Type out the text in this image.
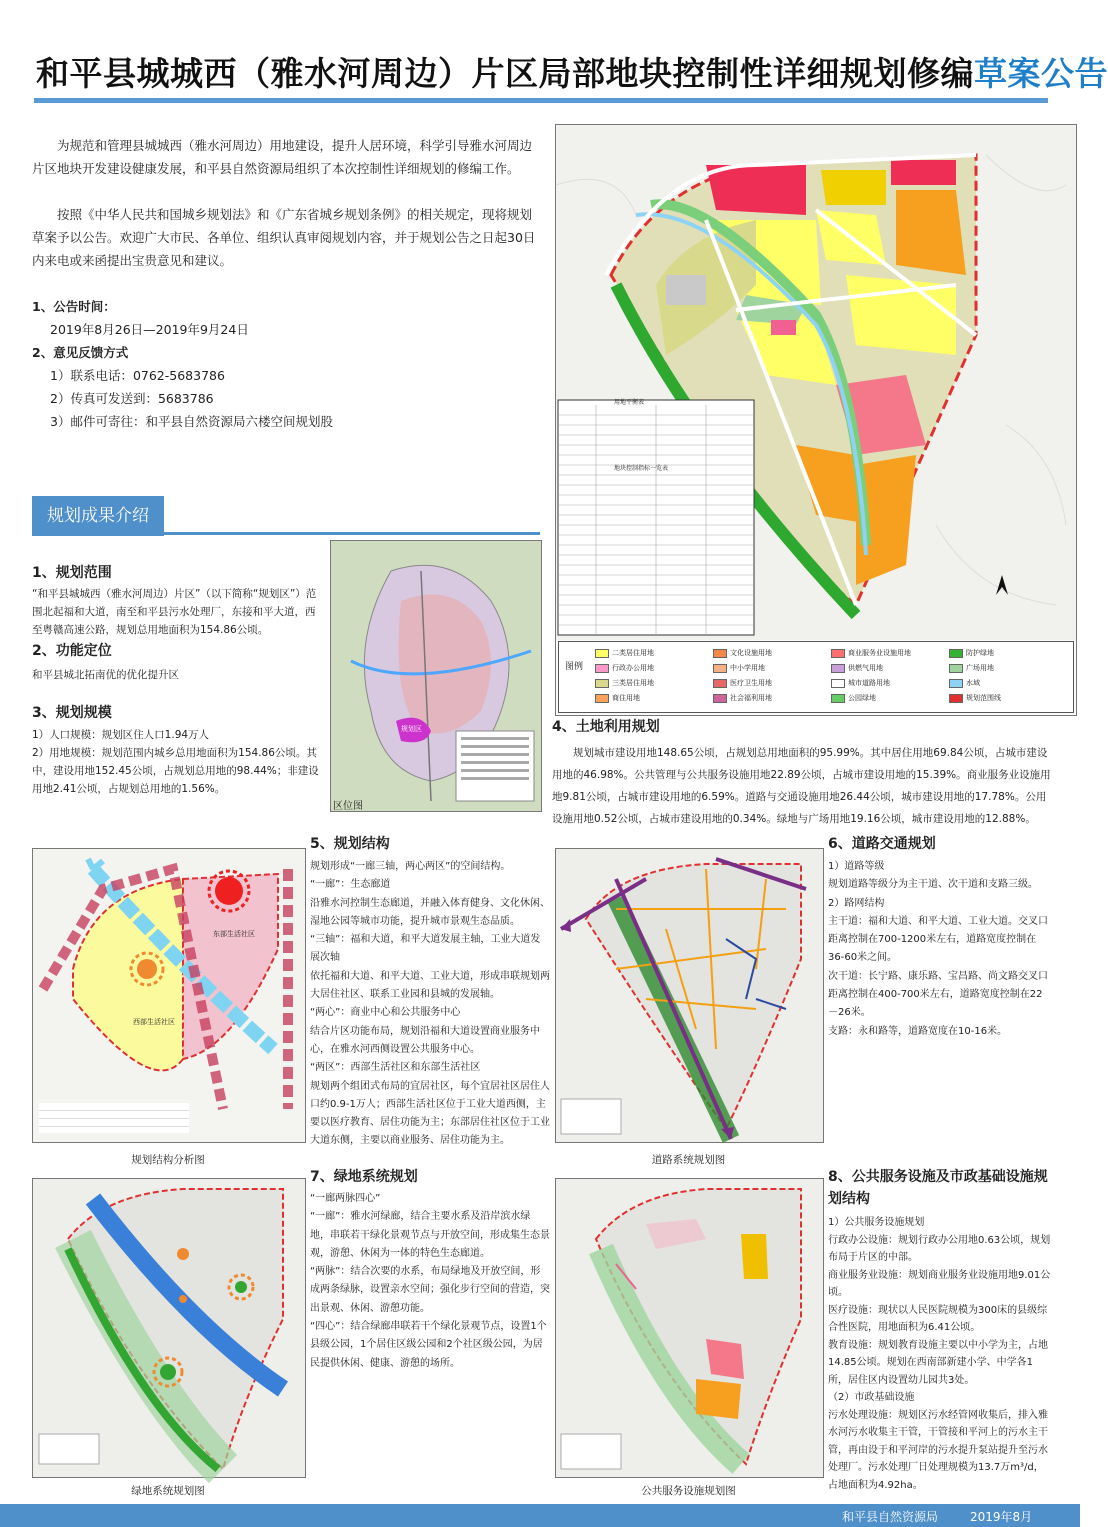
和平县城城西（雅水河周边）片区局部地块控制性详细规划修编草案公告
为规范和管理县城城西（雅水河周边）用地建设，提升人居环境，科学引导雅水河周边片区地块开发建设健康发展，和平县自然资源局组织了本次控制性详细规划的修编工作。
按照《中华人民共和国城乡规划法》和《广东省城乡规划条例》的相关规定，现将规划草案予以公告。欢迎广大市民、各单位、组织认真审阅规划内容，并于规划公告之日起30日内来电或来函提出宝贵意见和建议。
1、公告时间：
2019年8月26日—2019年9月24日
2、意见反馈方式
1）联系电话：0762-5683786
2）传真可发送到：5683786
3）邮件可寄往：和平县自然资源局六楼空间规划股
规划成果介绍
1、规划范围
“和平县城城西（雅水河周边）片区”（以下简称“规划区”）范围北起福和大道，南至和平县污水处理厂，东接和平大道，西至粤赣高速公路，规划总用地面积为154.86公顷。
2、功能定位
和平县城北拓南优的优化提升区
3、规划规模
1）人口规模：规划区住人口1.94万人
2）用地规模：规划范围内城乡总用地面积为154.86公顷。其中，建设用地152.45公顷，占规划总用地的98.44%；非建设用地2.41公顷，占规划总用地的1.56%。
规划区
区位图
用地平衡表
地块控制指标一览表
图例
二类居住用地	文化设施用地	商业服务业设施用地	防护绿地
行政办公用地	中小学用地	供燃气用地	广场用地
三类居住用地	医疗卫生用地	城市道路用地	水域
商住用地	社会福利用地	公园绿地	规划范围线
4、土地利用规划
规划城市建设用地148.65公顷，占规划总用地面积的95.99%。其中居住用地69.84公顷，占城市建设用地的46.98%。公共管理与公共服务设施用地22.89公顷，占城市建设用地的15.39%。商业服务业设施用地9.81公顷，占城市建设用地的6.59%。道路与交通设施用地26.44公顷，城市建设用地的17.78%。公用设施用地0.52公顷，占城市建设用地的0.34%。绿地与广场用地19.16公顷，城市建设用地的12.88%。
东部生活社区
西部生活社区
规划结构分析图
5、规划结构
规划形成“一廊三轴，两心两区”的空间结构。
“一廊”：生态廊道
沿雅水河控制生态廊道，并融入体育健身、文化休闲、湿地公园等城市功能，提升城市景观生态品质。
“三轴”：福和大道，和平大道发展主轴，工业大道发展次轴
依托福和大道、和平大道、工业大道，形成串联规划两大居住社区、联系工业园和县城的发展轴。
“两心”：商业中心和公共服务中心
结合片区功能布局，规划沿福和大道设置商业服务中心，在雅水河西侧设置公共服务中心。
“两区”：西部生活社区和东部生活社区
规划两个组团式布局的宜居社区，每个宜居社区居住人口约0.9-1万人；西部生活社区位于工业大道西侧，主要以医疗教育、居住功能为主；东部居住社区位于工业大道东侧，主要以商业服务、居住功能为主。
道路系统规划图
6、道路交通规划
1）道路等级
规划道路等级分为主干道、次干道和支路三级。
2）路网结构
主干道：福和大道、和平大道、工业大道。交叉口距离控制在700-1200米左右，道路宽度控制在36-60米之间。
次干道：长宁路、康乐路、宝昌路、尚文路交叉口距离控制在400-700米左右，道路宽度控制在22－26米。
支路：永和路等，道路宽度在10-16米。
绿地系统规划图
7、绿地系统规划
“一廊两脉四心”
“一廊”：雅水河绿廊，结合主要水系及沿岸滨水绿地，串联若干绿化景观节点与开放空间，形成集生态景观，游憩、休闲为一体的特色生态廊道。
“两脉”：结合次要的水系，布局绿地及开放空间，形成两条绿脉，设置亲水空间；强化步行空间的营造，突出景观、休闲、游憩功能。
“四心”：结合绿廊串联若干个绿化景观节点，设置1个县级公园，1个居住区级公园和2个社区级公园，为居民提供休闲、健康、游憩的场所。
公共服务设施规划图
8、公共服务设施及市政基础设施规划结构
1）公共服务设施规划
行政办公设施：规划行政办公用地0.63公顷，规划布局于片区的中部。
商业服务业设施：规划商业服务业设施用地9.01公顷。
医疗设施：现状以人民医院规模为300床的县级综合性医院，用地面积为6.41公顷。
教育设施：规划教育设施主要以中小学为主，占地14.85公顷。规划在西南部新建小学、中学各1所，居住区内设置幼儿园共3处。
（2）市政基础设施
污水处理设施：规划区污水经管网收集后，排入雅水河污水收集主干管，干管接和平河上的污水主干管，再由设于和平河岸的污水提升泵站提升至污水处理厂。污水处理厂日处理规模为13.7万m³/d，占地面积为4.92ha。
和平县自然资源局	2019年8月
